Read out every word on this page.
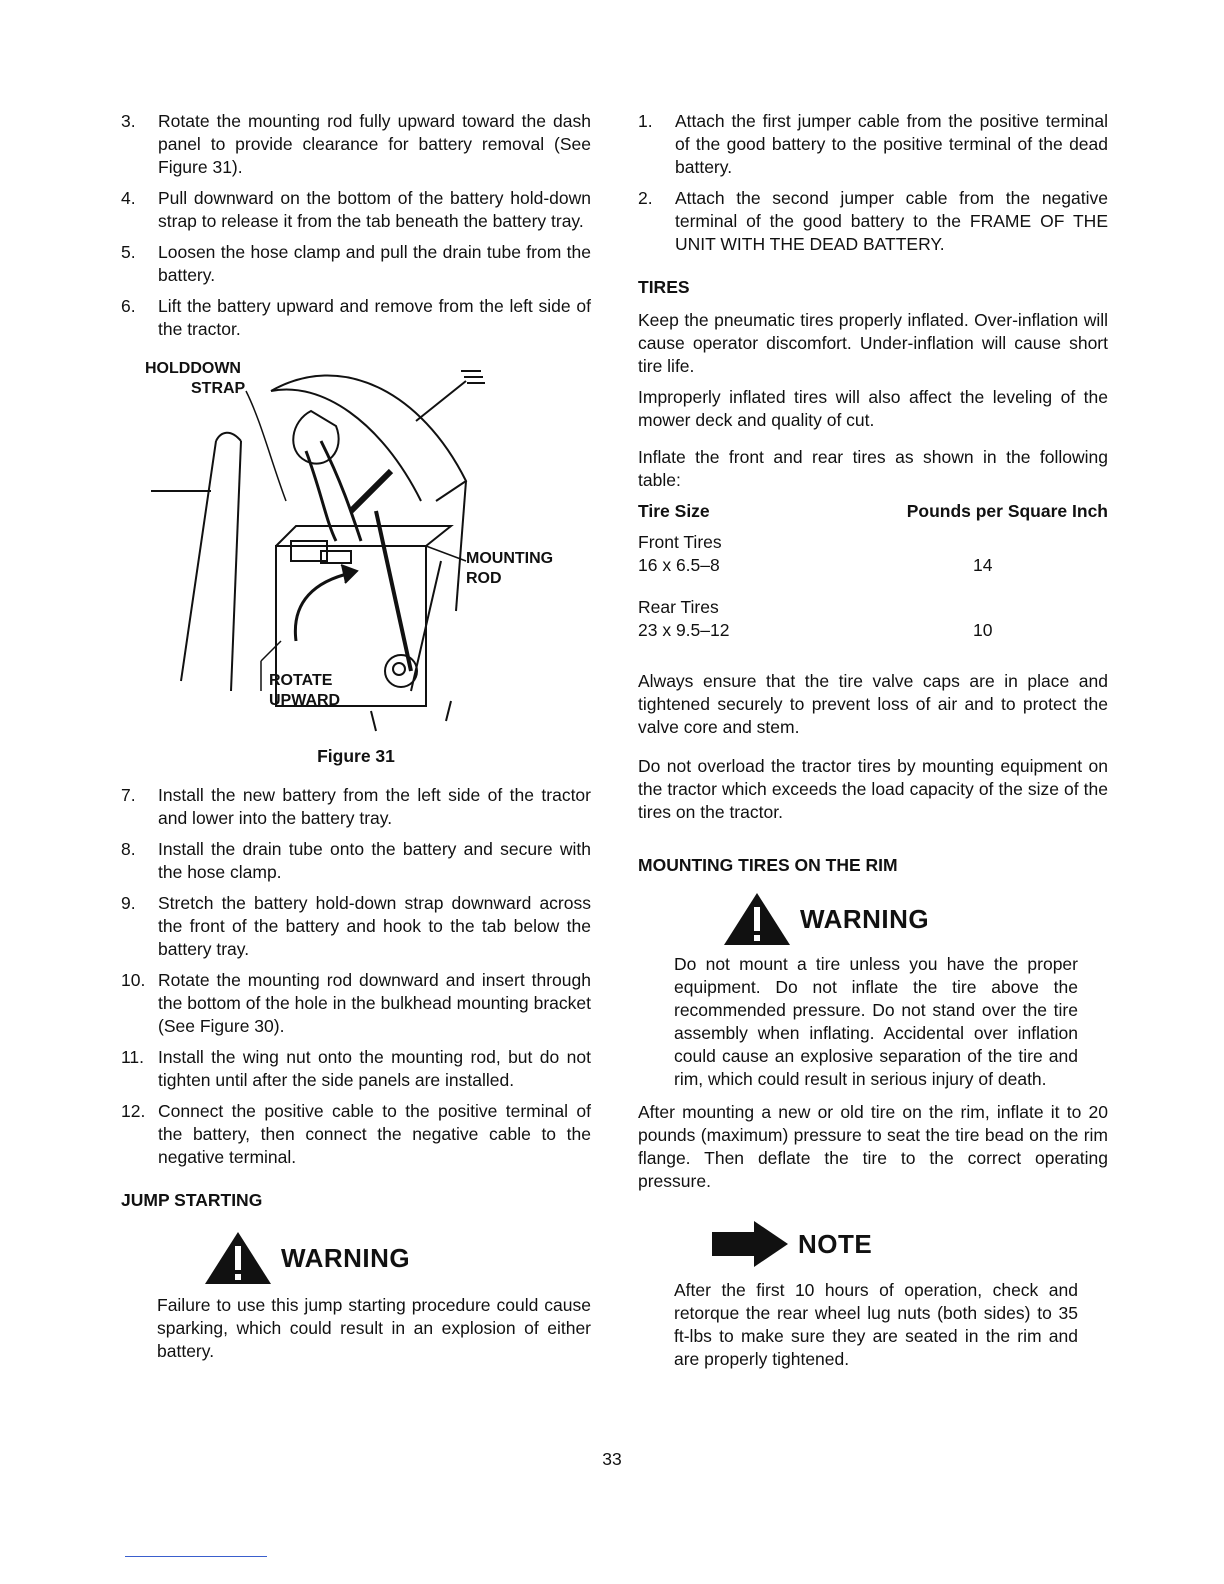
3. Rotate the mounting rod fully upward toward the dash panel to provide clearance for battery removal (See Figure 31).
4. Pull downward on the bottom of the battery hold-down strap to release it from the tab beneath the battery tray.
5. Loosen the hose clamp and pull the drain tube from the battery.
6. Lift the battery upward and remove from the left side of the tractor.
HOLDDOWN
STRAP
MOUNTING
ROD
ROTATE
UPWARD
Figure 31
7. Install the new battery from the left side of the tractor and lower into the battery tray.
8. Install the drain tube onto the battery and secure with the hose clamp.
9. Stretch the battery hold-down strap downward across the front of the battery and hook to the tab below the battery tray.
10. Rotate the mounting rod downward and insert through the bottom of the hole in the bulkhead mounting bracket (See Figure 30).
11. Install the wing nut onto the mounting rod, but do not tighten until after the side panels are installed.
12. Connect the positive cable to the positive terminal of the battery, then connect the negative cable to the negative terminal.
JUMP STARTING
WARNING

Failure to use this jump starting procedure could cause sparking, which could result in an explosion of either battery.

1. Attach the first jumper cable from the positive terminal of the good battery to the positive terminal of the dead battery.
2. Attach the second jumper cable from the negative terminal of the good battery to the FRAME OF THE UNIT WITH THE DEAD BATTERY.
TIRES

Keep the pneumatic tires properly inflated. Over-inflation will cause operator discomfort. Under-inflation will cause short tire life.

Improperly inflated tires will also affect the leveling of the mower deck and quality of cut.

Inflate the front and rear tires as shown in the following table:

Tire Size	Pounds per Square Inch
Front Tires	
16 x 6.5–8	14

Rear Tires	
23 x 9.5–12	10

Always ensure that the tire valve caps are in place and tightened securely to prevent loss of air and to protect the valve core and stem.

Do not overload the tractor tires by mounting equipment on the tractor which exceeds the load capacity of the size of the tires on the tractor.

MOUNTING TIRES ON THE RIM
WARNING

Do not mount a tire unless you have the proper equipment. Do not inflate the tire above the recommended pressure. Do not stand over the tire assembly when inflating. Accidental over inflation could cause an explosive separation of the tire and rim, which could result in serious injury of death.

After mounting a new or old tire on the rim, inflate it to 20 pounds (maximum) pressure to seat the tire bead on the rim flange. Then deflate the tire to the correct operating pressure.

NOTE

After the first 10 hours of operation, check and retorque the rear wheel lug nuts (both sides) to 35 ft-lbs to make sure they are seated in the rim and are properly tightened.

33
